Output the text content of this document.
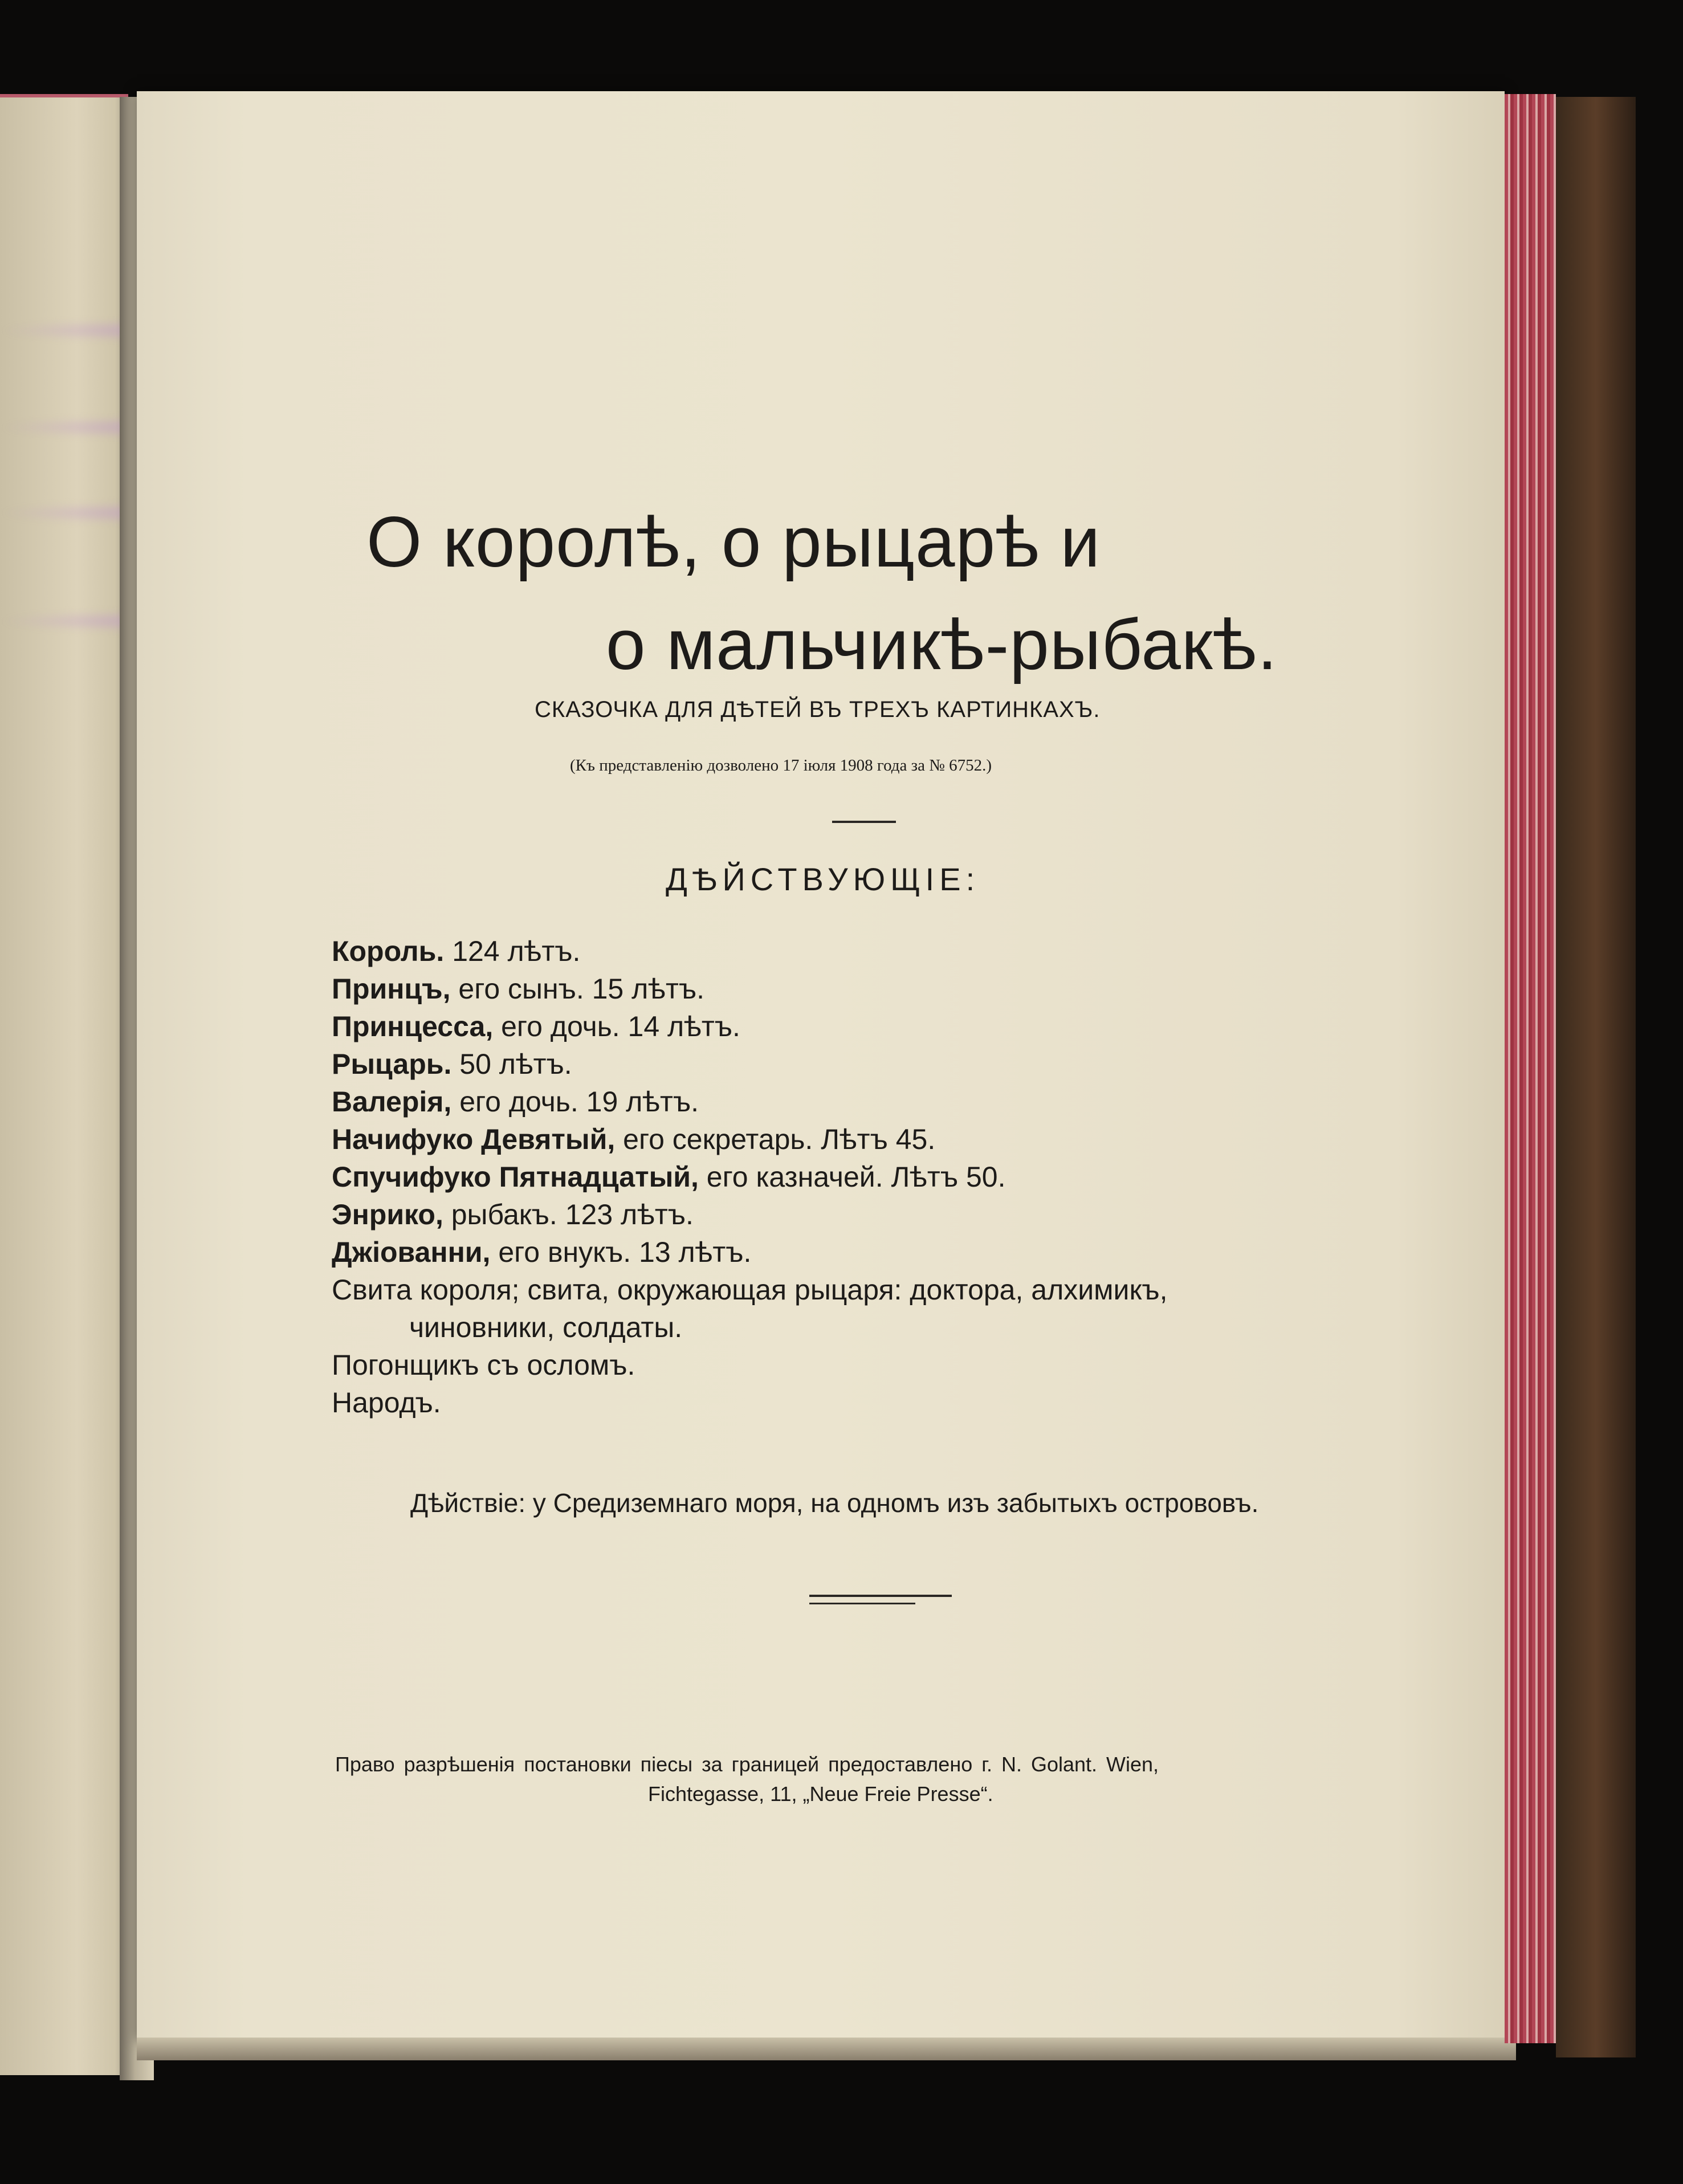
О королѣ, о рыцарѣ и
о мальчикѣ-рыбакѣ.
СКАЗОЧКА ДЛЯ ДѢТЕЙ ВЪ ТРЕХЪ КАРТИНКАХЪ.
(Къ представленію дозволено 17 іюля 1908 года за № 6752.)
ДѢЙСТВУЮЩІЕ:
Король. 124 лѣтъ.
Принцъ, его сынъ. 15 лѣтъ.
Принцесса, его дочь. 14 лѣтъ.
Рыцарь. 50 лѣтъ.
Валерія, его дочь. 19 лѣтъ.
Начифуко Девятый, его секретарь. Лѣтъ 45.
Спучифуко Пятнадцатый, его казначей. Лѣтъ 50.
Энрико, рыбакъ. 123 лѣтъ.
Джіованни, его внукъ. 13 лѣтъ.
Свита короля; свита, окружающая рыцаря: доктора, алхимикъ,
чиновники, солдаты.
Погонщикъ съ осломъ.
Народъ.
Дѣйствіе: у Средиземнаго моря, на одномъ изъ забытыхъ острововъ.
Право разрѣшенія постановки піесы за границей предоставлено г. N. Golant. Wien,
Fichtegasse, 11, „Neue Freie Presse“.
